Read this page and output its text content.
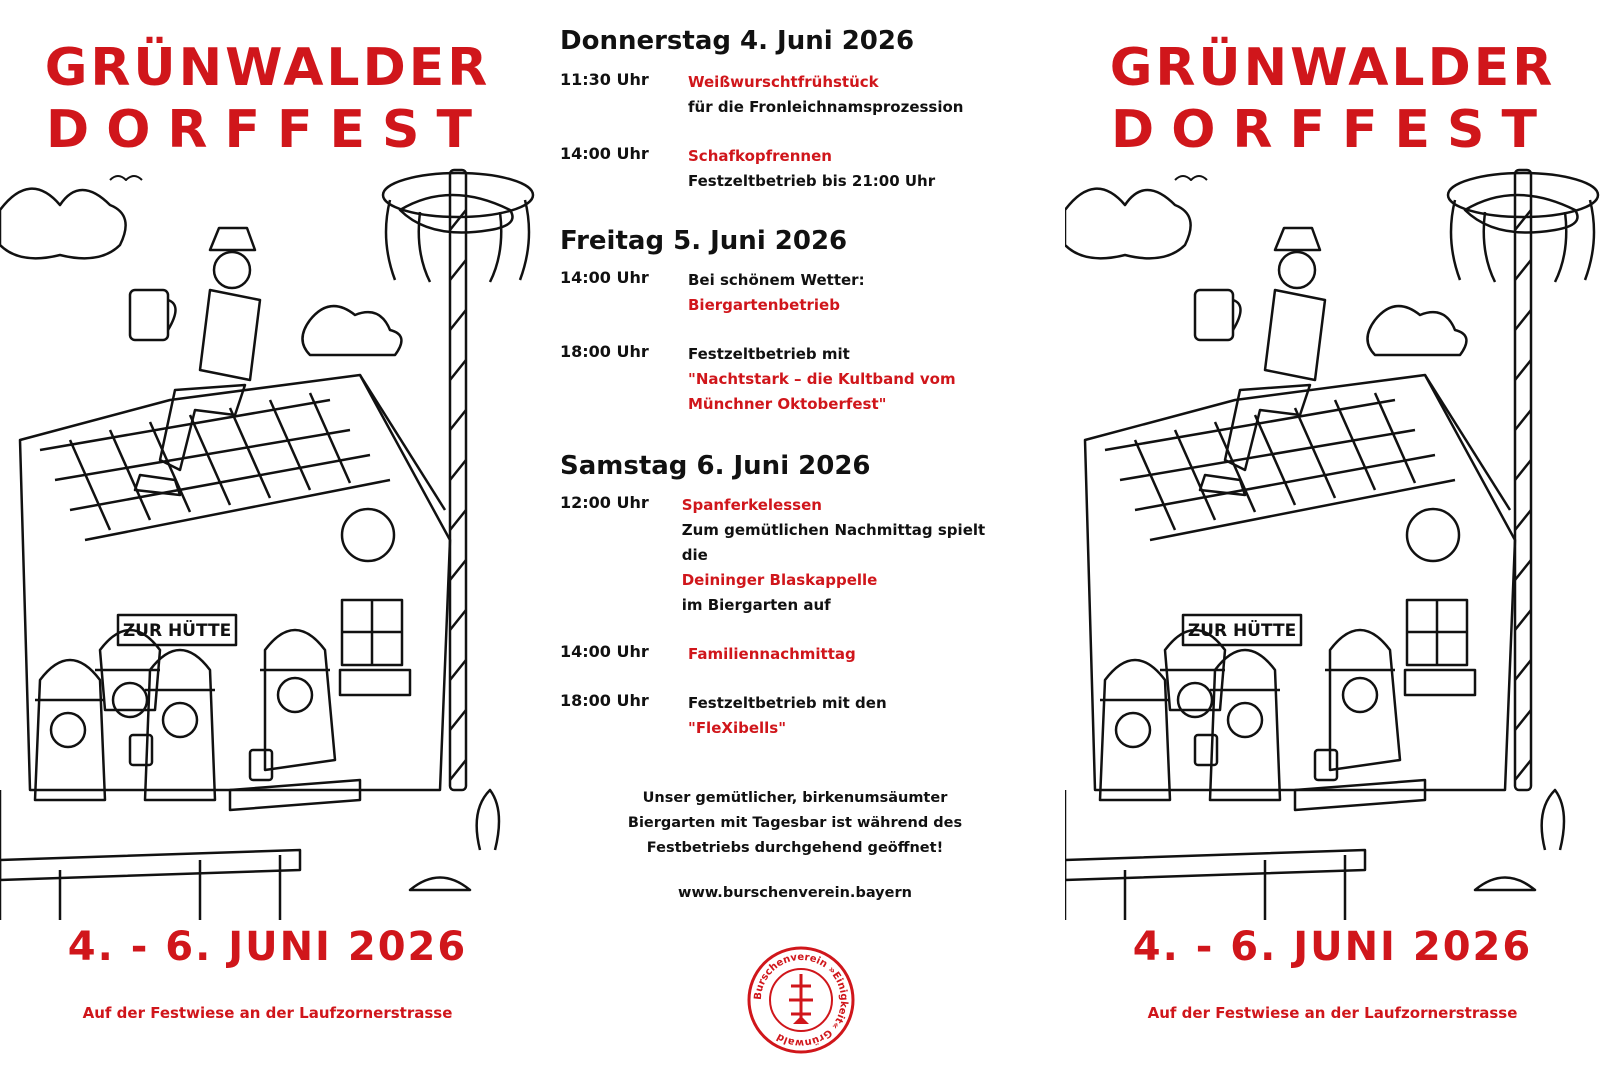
ZUR HÜTTE
GRÜNWALDER
DORFFEST
4. - 6. JUNI 2026
Auf der Festwiese an der Laufzornerstrasse
Donnerstag 4. Juni 2026
11:30 Uhr	Weißwurschtfrühstück
für die Fronleichnamsprozession
14:00 Uhr	Schafkopfrennen
Festzeltbetrieb bis 21:00 Uhr
Freitag 5. Juni 2026
14:00 Uhr	Bei schönem Wetter:
Biergartenbetrieb
18:00 Uhr	Festzeltbetrieb mit
"Nachtstark – die Kultband vom
Münchner Oktoberfest"
Samstag 6. Juni 2026
12:00 Uhr	Spanferkelessen
Zum gemütlichen Nachmittag spielt die
Deininger Blaskappelle
im Biergarten auf
14:00 Uhr	Familiennachmittag
18:00 Uhr	Festzeltbetrieb mit den
"FleXibells"
Unser gemütlicher, birkenumsäumter
Biergarten mit Tagesbar ist während des
Festbetriebs durchgehend geöffnet!
www.burschenverein.bayern
Burschenverein »Einigkeit« Grünwald
ZUR HÜTTE
GRÜNWALDER
DORFFEST
4. - 6. JUNI 2026
Auf der Festwiese an der Laufzornerstrasse
